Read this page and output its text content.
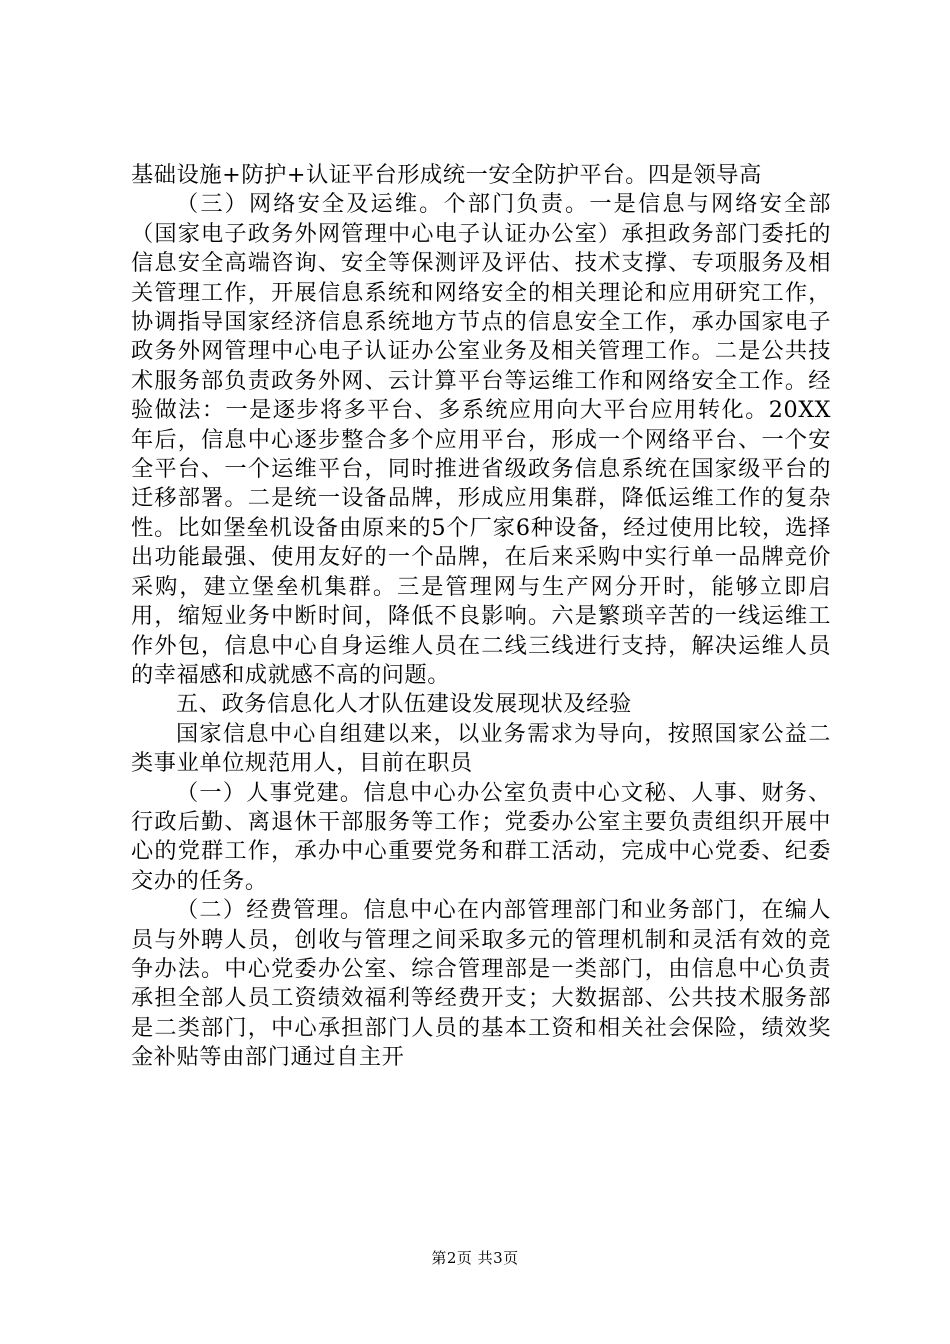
基础设施+防护+认证平台形成统一安全防护平台。四是领导高

（三）网络安全及运维。个部门负责。一是信息与网络安全部（国家电子政务外网管理中心电子认证办公室）承担政务部门委托的信息安全高端咨询、安全等保测评及评估、技术支撑、专项服务及相关管理工作，开展信息系统和网络安全的相关理论和应用研究工作，协调指导国家经济信息系统地方节点的信息安全工作，承办国家电子政务外网管理中心电子认证办公室业务及相关管理工作。二是公共技术服务部负责政务外网、云计算平台等运维工作和网络安全工作。经验做法：一是逐步将多平台、多系统应用向大平台应用转化。20XX年后，信息中心逐步整合多个应用平台，形成一个网络平台、一个安全平台、一个运维平台，同时推进省级政务信息系统在国家级平台的迁移部署。二是统一设备品牌，形成应用集群，降低运维工作的复杂性。比如堡垒机设备由原来的5个厂家6种设备，经过使用比较，选择出功能最强、使用友好的一个品牌，在后来采购中实行单一品牌竞价采购，建立堡垒机集群。三是管理网与生产网分开时，能够立即启用，缩短业务中断时间，降低不良影响。六是繁琐辛苦的一线运维工作外包，信息中心自身运维人员在二线三线进行支持，解决运维人员的幸福感和成就感不高的问题。

五、政务信息化人才队伍建设发展现状及经验

国家信息中心自组建以来，以业务需求为导向，按照国家公益二类事业单位规范用人，目前在职员

（一）人事党建。信息中心办公室负责中心文秘、人事、财务、行政后勤、离退休干部服务等工作；党委办公室主要负责组织开展中心的党群工作，承办中心重要党务和群工活动，完成中心党委、纪委交办的任务。

（二）经费管理。信息中心在内部管理部门和业务部门，在编人员与外聘人员，创收与管理之间采取多元的管理机制和灵活有效的竞争办法。中心党委办公室、综合管理部是一类部门，由信息中心负责承担全部人员工资绩效福利等经费开支；大数据部、公共技术服务部是二类部门，中心承担部门人员的基本工资和相关社会保险，绩效奖金补贴等由部门通过自主开

第2页 共3页
